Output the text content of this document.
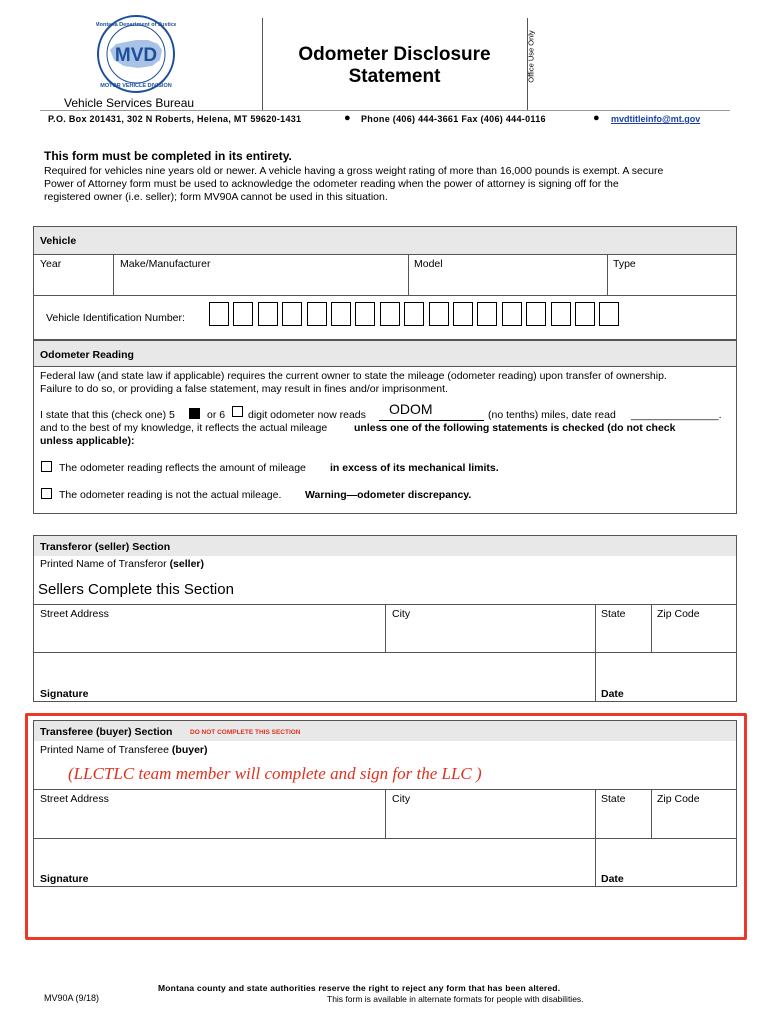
MVD
Montana Department of Justice
MOTOR VEHICLE DIVISION
Odometer Disclosure
Statement	Office Use Only
Vehicle Services Bureau
P.O. Box 201431, 302 N Roberts, Helena, MT 59620-1431	● Phone (406) 444-3661 Fax (406) 444-0116	● mvdtitleinfo@mt.gov
This form must be completed in its entirety.
Required for vehicles nine years old or newer. A vehicle having a gross weight rating of more than 16,000 pounds is exempt. A secure
Power of Attorney form must be used to acknowledge the odometer reading when the power of attorney is signing off for the
registered owner (i.e. seller); form MV90A cannot be used in this situation.
Vehicle
Year	Make/Manufacturer	Model	Type
Vehicle Identification Number:
Odometer Reading
Federal law (and state law if applicable) requires the current owner to state the mileage (odometer reading) upon transfer of ownership.
Failure to do so, or providing a false statement, may result in fines and/or imprisonment.
I state that this (check one) 5	or 6 digit odometer now reads ODOM	(no tenths) miles, date read _______________.
and to the best of my knowledge, it reflects the actual mileage	unless one of the following statements is checked (do not check
unless applicable):
The odometer reading reflects the amount of mileage in excess of its mechanical limits.
The odometer reading is not the actual mileage. Warning—odometer discrepancy.
Transferor (seller) Section
Printed Name of Transferor (seller)
Sellers Complete this Section
Street Address	City	State	Zip Code
Signature	Date
Transferee (buyer) Section	DO NOT COMPLETE THIS SECTION
Printed Name of Transferee (buyer)
(LLCTLC team member will complete and sign for the LLC )
Street Address	City	State	Zip Code
Signature	Date
Montana county and state authorities reserve the right to reject any form that has been altered.
MV90A (9/18)	This form is available in alternate formats for people with disabilities.
